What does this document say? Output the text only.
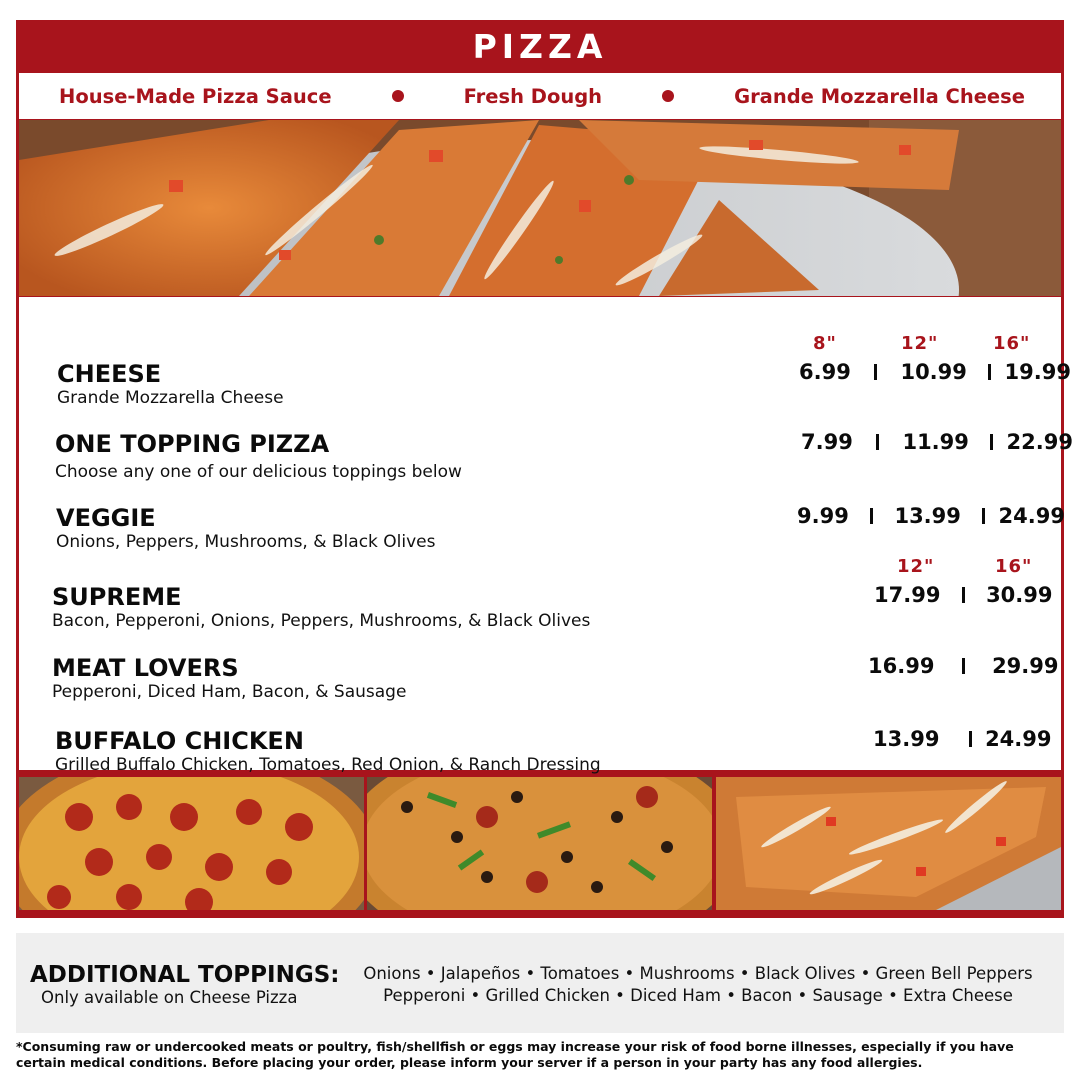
PIZZA
House-Made Pizza Sauce	Fresh Dough	Grande Mozzarella Cheese
8"	12"	16"
CHEESE
Grande Mozzarella Cheese
6.99 10.99 19.99
ONE TOPPING PIZZA
Choose any one of our delicious toppings below
7.99 11.99 22.99
VEGGIE
Onions, Peppers, Mushrooms, & Black Olives
9.99 13.99 24.99
12"	16"
SUPREME
Bacon, Pepperoni, Onions, Peppers, Mushrooms, & Black Olives
17.99 30.99
MEAT LOVERS
Pepperoni, Diced Ham, Bacon, & Sausage
16.99	29.99
BUFFALO CHICKEN
Grilled Buffalo Chicken, Tomatoes, Red Onion, & Ranch Dressing
13.99 24.99
ADDITIONAL TOPPINGS:
Only available on Cheese Pizza
Onions • Jalapeños • Tomatoes • Mushrooms • Black Olives • Green Bell Peppers
Pepperoni • Grilled Chicken • Diced Ham • Bacon • Sausage • Extra Cheese
*Consuming raw or undercooked meats or poultry, fish/shellfish or eggs may increase your risk of food borne illnesses, especially if you have certain medical conditions. Before placing your order, please inform your server if a person in your party has any food allergies.
